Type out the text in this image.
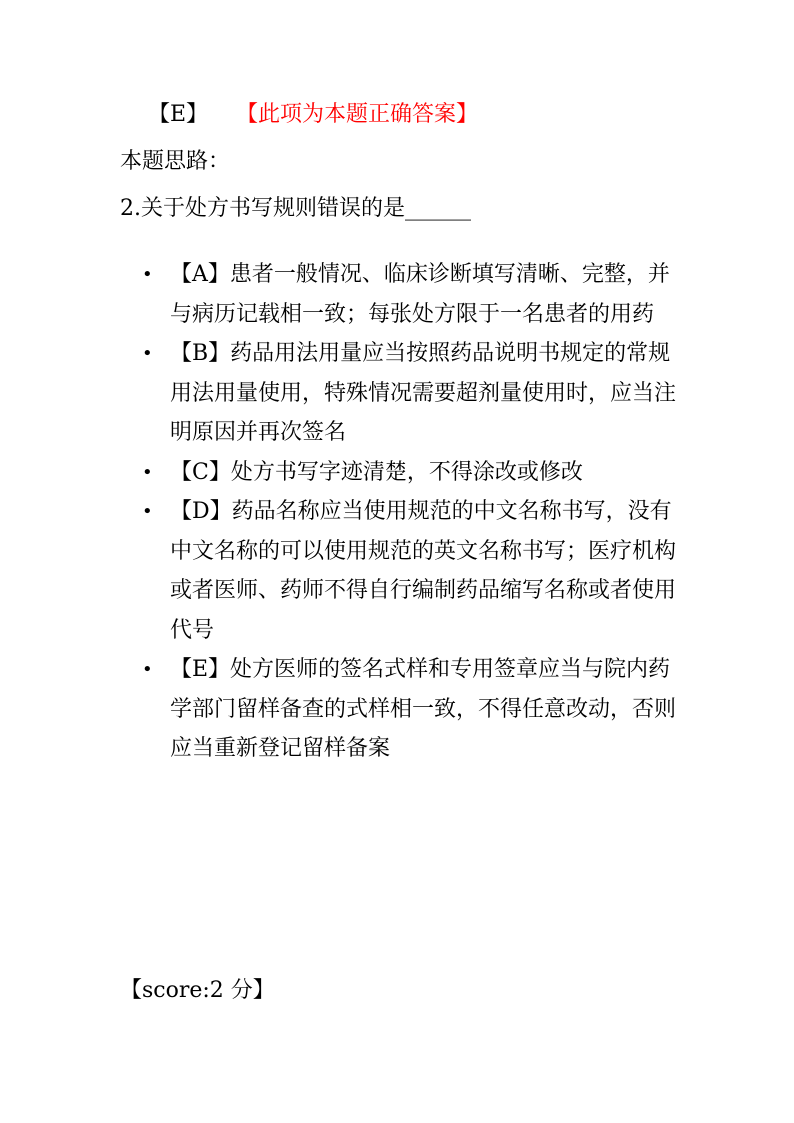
【E】 【此项为本题正确答案】
本题思路：
2.关于处方书写规则错误的是______
• 【A】患者一般情况、临床诊断填写清晰、完整，并与病历记载相一致；每张处方限于一名患者的用药
• 【B】药品用法用量应当按照药品说明书规定的常规用法用量使用，特殊情况需要超剂量使用时，应当注明原因并再次签名
• 【C】处方书写字迹清楚，不得涂改或修改
• 【D】药品名称应当使用规范的中文名称书写，没有中文名称的可以使用规范的英文名称书写；医疗机构或者医师、药师不得自行编制药品缩写名称或者使用代号
• 【E】处方医师的签名式样和专用签章应当与院内药学部门留样备查的式样相一致，不得任意改动，否则应当重新登记留样备案
【score:2 分】
